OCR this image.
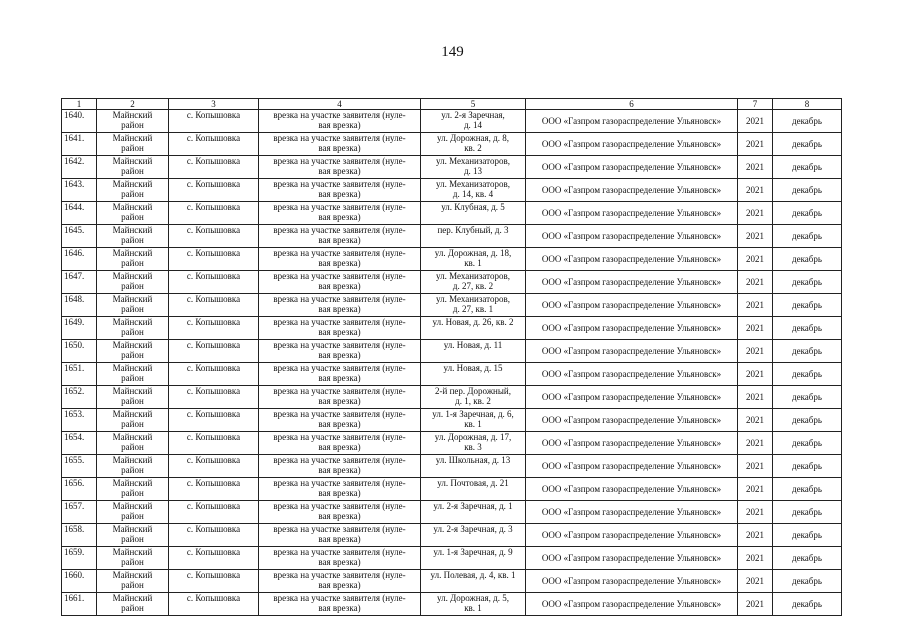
149
1	2	3	4	5	6	7	8
1640.	Майнский
район	с. Копышовка	врезка на участке заявителя (нуле-
вая врезка)	ул. 2-я Заречная,
д. 14	ООО «Газпром газораспределение Ульяновск»	2021	декабрь
1641.	Майнский
район	с. Копышовка	врезка на участке заявителя (нуле-
вая врезка)	ул. Дорожная, д. 8,
кв. 2	ООО «Газпром газораспределение Ульяновск»	2021	декабрь
1642.	Майнский
район	с. Копышовка	врезка на участке заявителя (нуле-
вая врезка)	ул. Механизаторов,
д. 13	ООО «Газпром газораспределение Ульяновск»	2021	декабрь
1643.	Майнский
район	с. Копышовка	врезка на участке заявителя (нуле-
вая врезка)	ул. Механизаторов,
д. 14, кв. 4	ООО «Газпром газораспределение Ульяновск»	2021	декабрь
1644.	Майнский
район	с. Копышовка	врезка на участке заявителя (нуле-
вая врезка)	ул. Клубная, д. 5	ООО «Газпром газораспределение Ульяновск»	2021	декабрь
1645.	Майнский
район	с. Копышовка	врезка на участке заявителя (нуле-
вая врезка)	пер. Клубный, д. 3	ООО «Газпром газораспределение Ульяновск»	2021	декабрь
1646.	Майнский
район	с. Копышовка	врезка на участке заявителя (нуле-
вая врезка)	ул. Дорожная, д. 18,
кв. 1	ООО «Газпром газораспределение Ульяновск»	2021	декабрь
1647.	Майнский
район	с. Копышовка	врезка на участке заявителя (нуле-
вая врезка)	ул. Механизаторов,
д. 27, кв. 2	ООО «Газпром газораспределение Ульяновск»	2021	декабрь
1648.	Майнский
район	с. Копышовка	врезка на участке заявителя (нуле-
вая врезка)	ул. Механизаторов,
д. 27, кв. 1	ООО «Газпром газораспределение Ульяновск»	2021	декабрь
1649.	Майнский
район	с. Копышовка	врезка на участке заявителя (нуле-
вая врезка)	ул. Новая, д. 26, кв. 2	ООО «Газпром газораспределение Ульяновск»	2021	декабрь
1650.	Майнский
район	с. Копышовка	врезка на участке заявителя (нуле-
вая врезка)	ул. Новая, д. 11	ООО «Газпром газораспределение Ульяновск»	2021	декабрь
1651.	Майнский
район	с. Копышовка	врезка на участке заявителя (нуле-
вая врезка)	ул. Новая, д. 15	ООО «Газпром газораспределение Ульяновск»	2021	декабрь
1652.	Майнский
район	с. Копышовка	врезка на участке заявителя (нуле-
вая врезка)	2-й пер. Дорожный,
д. 1, кв. 2	ООО «Газпром газораспределение Ульяновск»	2021	декабрь
1653.	Майнский
район	с. Копышовка	врезка на участке заявителя (нуле-
вая врезка)	ул. 1-я Заречная, д. 6,
кв. 1	ООО «Газпром газораспределение Ульяновск»	2021	декабрь
1654.	Майнский
район	с. Копышовка	врезка на участке заявителя (нуле-
вая врезка)	ул. Дорожная, д. 17,
кв. 3	ООО «Газпром газораспределение Ульяновск»	2021	декабрь
1655.	Майнский
район	с. Копышовка	врезка на участке заявителя (нуле-
вая врезка)	ул. Школьная, д. 13	ООО «Газпром газораспределение Ульяновск»	2021	декабрь
1656.	Майнский
район	с. Копышовка	врезка на участке заявителя (нуле-
вая врезка)	ул. Почтовая, д. 21	ООО «Газпром газораспределение Ульяновск»	2021	декабрь
1657.	Майнский
район	с. Копышовка	врезка на участке заявителя (нуле-
вая врезка)	ул. 2-я Заречная, д. 1	ООО «Газпром газораспределение Ульяновск»	2021	декабрь
1658.	Майнский
район	с. Копышовка	врезка на участке заявителя (нуле-
вая врезка)	ул. 2-я Заречная, д. 3	ООО «Газпром газораспределение Ульяновск»	2021	декабрь
1659.	Майнский
район	с. Копышовка	врезка на участке заявителя (нуле-
вая врезка)	ул. 1-я Заречная, д. 9	ООО «Газпром газораспределение Ульяновск»	2021	декабрь
1660.	Майнский
район	с. Копышовка	врезка на участке заявителя (нуле-
вая врезка)	ул. Полевая, д. 4, кв. 1	ООО «Газпром газораспределение Ульяновск»	2021	декабрь
1661.	Майнский
район	с. Копышовка	врезка на участке заявителя (нуле-
вая врезка)	ул. Дорожная, д. 5,
кв. 1	ООО «Газпром газораспределение Ульяновск»	2021	декабрь
